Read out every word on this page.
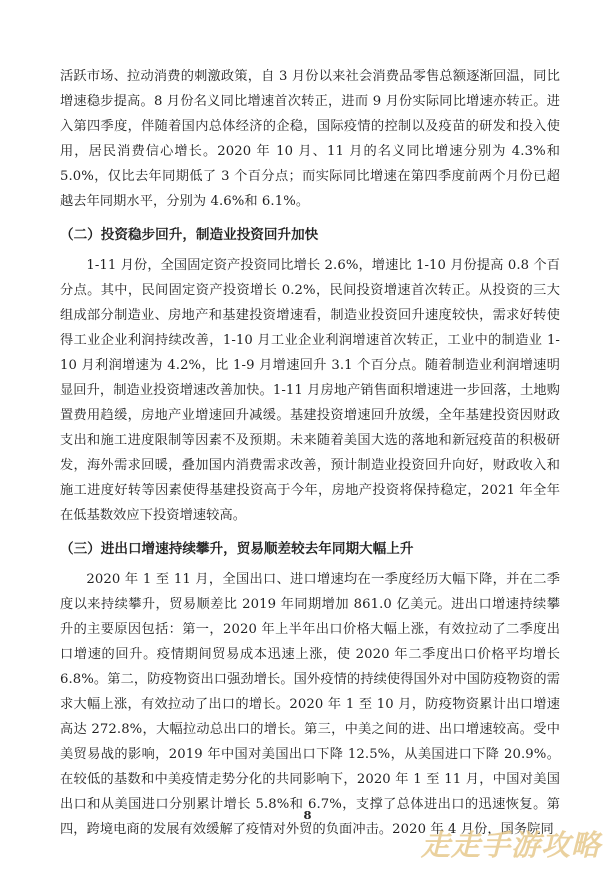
活跃市场、拉动消费的刺激政策，自 3 月份以来社会消费品零售总额逐渐回温，同比增速稳步提高。8 月份名义同比增速首次转正，进而 9 月份实际同比增速亦转正。进入第四季度，伴随着国内总体经济的企稳，国际疫情的控制以及疫苗的研发和投入使用，居民消费信心增长。2020 年 10 月、11 月的名义同比增速分别为 4.3%和 5.0%，仅比去年同期低了 3 个百分点；而实际同比增速在第四季度前两个月份已超越去年同期水平，分别为 4.6%和 6.1%。

（二）投资稳步回升，制造业投资回升加快

1-11 月份，全国固定资产投资同比增长 2.6%，增速比 1-10 月份提高 0.8 个百分点。其中，民间固定资产投资增长 0.2%，民间投资增速首次转正。从投资的三大组成部分制造业、房地产和基建投资增速看，制造业投资回升速度较快，需求好转使得工业企业利润持续改善，1-10 月工业企业利润增速首次转正，工业中的制造业 1-10 月利润增速为 4.2%，比 1-9 月增速回升 3.1 个百分点。随着制造业利润增速明显回升，制造业投资增速改善加快。1-11 月房地产销售面积增速进一步回落，土地购置费用趋缓，房地产业增速回升减缓。基建投资增速回升放缓，全年基建投资因财政支出和施工进度限制等因素不及预期。未来随着美国大选的落地和新冠疫苗的积极研发，海外需求回暖，叠加国内消费需求改善，预计制造业投资回升向好，财政收入和施工进度好转等因素使得基建投资高于今年，房地产投资将保持稳定，2021 年全年在低基数效应下投资增速较高。

（三）进出口增速持续攀升，贸易顺差较去年同期大幅上升

2020 年 1 至 11 月，全国出口、进口增速均在一季度经历大幅下降，并在二季度以来持续攀升，贸易顺差比 2019 年同期增加 861.0 亿美元。进出口增速持续攀升的主要原因包括：第一，2020 年上半年出口价格大幅上涨，有效拉动了二季度出口增速的回升。疫情期间贸易成本迅速上涨，使 2020 年二季度出口价格平均增长 6.8%。第二，防疫物资出口强劲增长。国外疫情的持续使得国外对中国防疫物资的需求大幅上涨，有效拉动了出口的增长。2020 年 1 至 10 月，防疫物资累计出口增速高达 272.8%，大幅拉动总出口的增长。第三，中美之间的进、出口增速较高。受中美贸易战的影响，2019 年中国对美国出口下降 12.5%，从美国进口下降 20.9%。在较低的基数和中美疫情走势分化的共同影响下，2020 年 1 至 11 月，中国对美国出口和从美国进口分别累计增长 5.8%和 6.7%，支撑了总体进出口的迅速恢复。第四，跨境电商的发展有效缓解了疫情对外贸的负面冲击。2020 年 4 月份，国务院同

8
走走手游攻略
